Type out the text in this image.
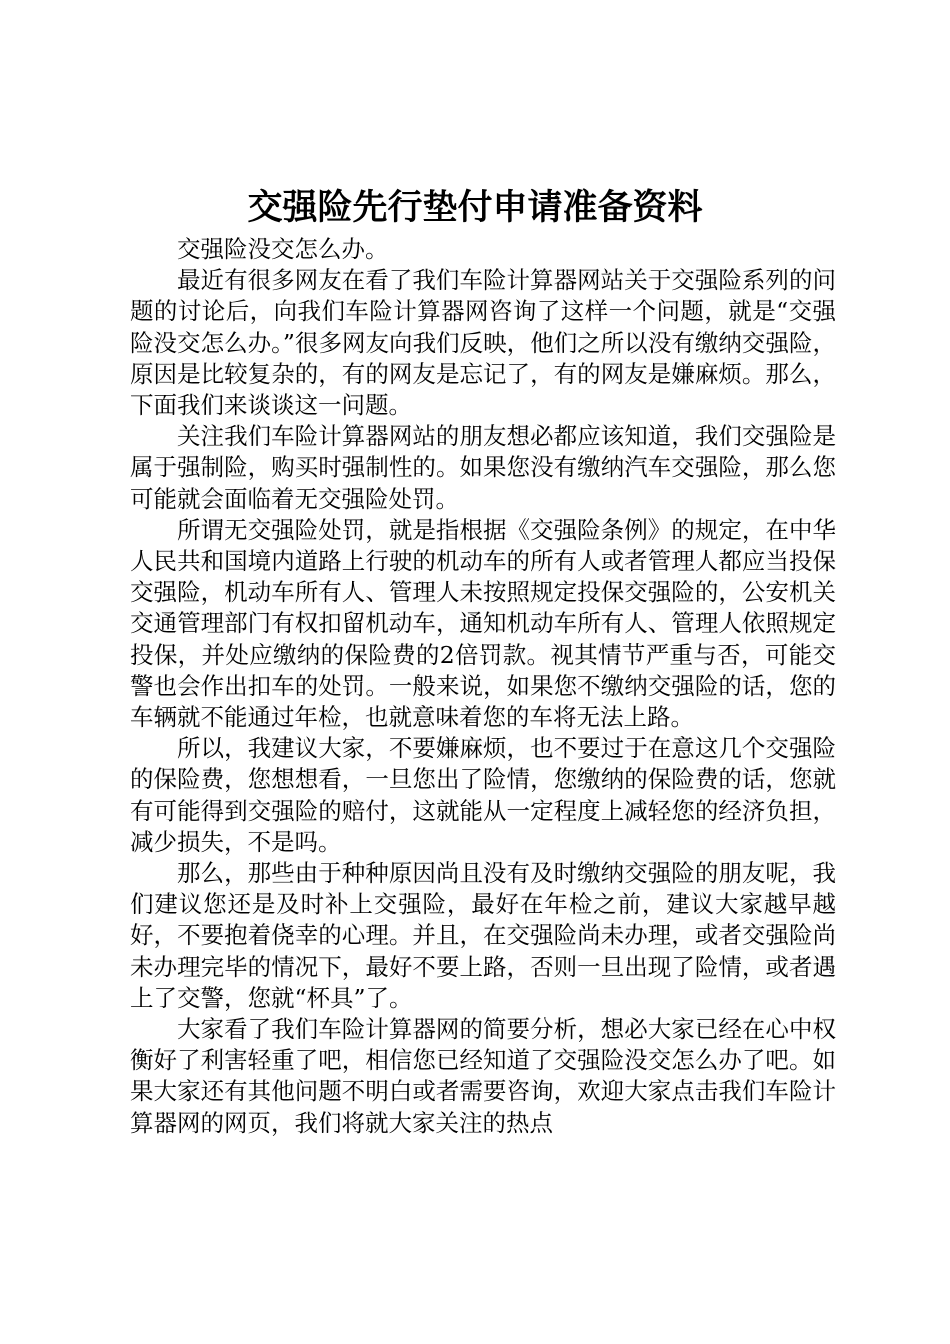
交强险先行垫付申请准备资料

交强险没交怎么办。

最近有很多网友在看了我们车险计算器网站关于交强险系列的问题的讨论后，向我们车险计算器网咨询了这样一个问题，就是“交强险没交怎么办。”很多网友向我们反映，他们之所以没有缴纳交强险，原因是比较复杂的，有的网友是忘记了，有的网友是嫌麻烦。那么，下面我们来谈谈这一问题。

关注我们车险计算器网站的朋友想必都应该知道，我们交强险是属于强制险，购买时强制性的。如果您没有缴纳汽车交强险，那么您可能就会面临着无交强险处罚。

所谓无交强险处罚，就是指根据《交强险条例》的规定，在中华人民共和国境内道路上行驶的机动车的所有人或者管理人都应当投保交强险，机动车所有人、管理人未按照规定投保交强险的，公安机关交通管理部门有权扣留机动车，通知机动车所有人、管理人依照规定投保，并处应缴纳的保险费的2倍罚款。视其情节严重与否，可能交警也会作出扣车的处罚。一般来说，如果您不缴纳交强险的话，您的车辆就不能通过年检，也就意味着您的车将无法上路。

所以，我建议大家，不要嫌麻烦，也不要过于在意这几个交强险的保险费，您想想看，一旦您出了险情，您缴纳的保险费的话，您就有可能得到交强险的赔付，这就能从一定程度上减轻您的经济负担，减少损失，不是吗。

那么，那些由于种种原因尚且没有及时缴纳交强险的朋友呢，我们建议您还是及时补上交强险，最好在年检之前，建议大家越早越好，不要抱着侥幸的心理。并且，在交强险尚未办理，或者交强险尚未办理完毕的情况下，最好不要上路，否则一旦出现了险情，或者遇上了交警，您就“杯具”了。

大家看了我们车险计算器网的简要分析，想必大家已经在心中权衡好了利害轻重了吧，相信您已经知道了交强险没交怎么办了吧。如果大家还有其他问题不明白或者需要咨询，欢迎大家点击我们车险计算器网的网页，我们将就大家关注的热点
